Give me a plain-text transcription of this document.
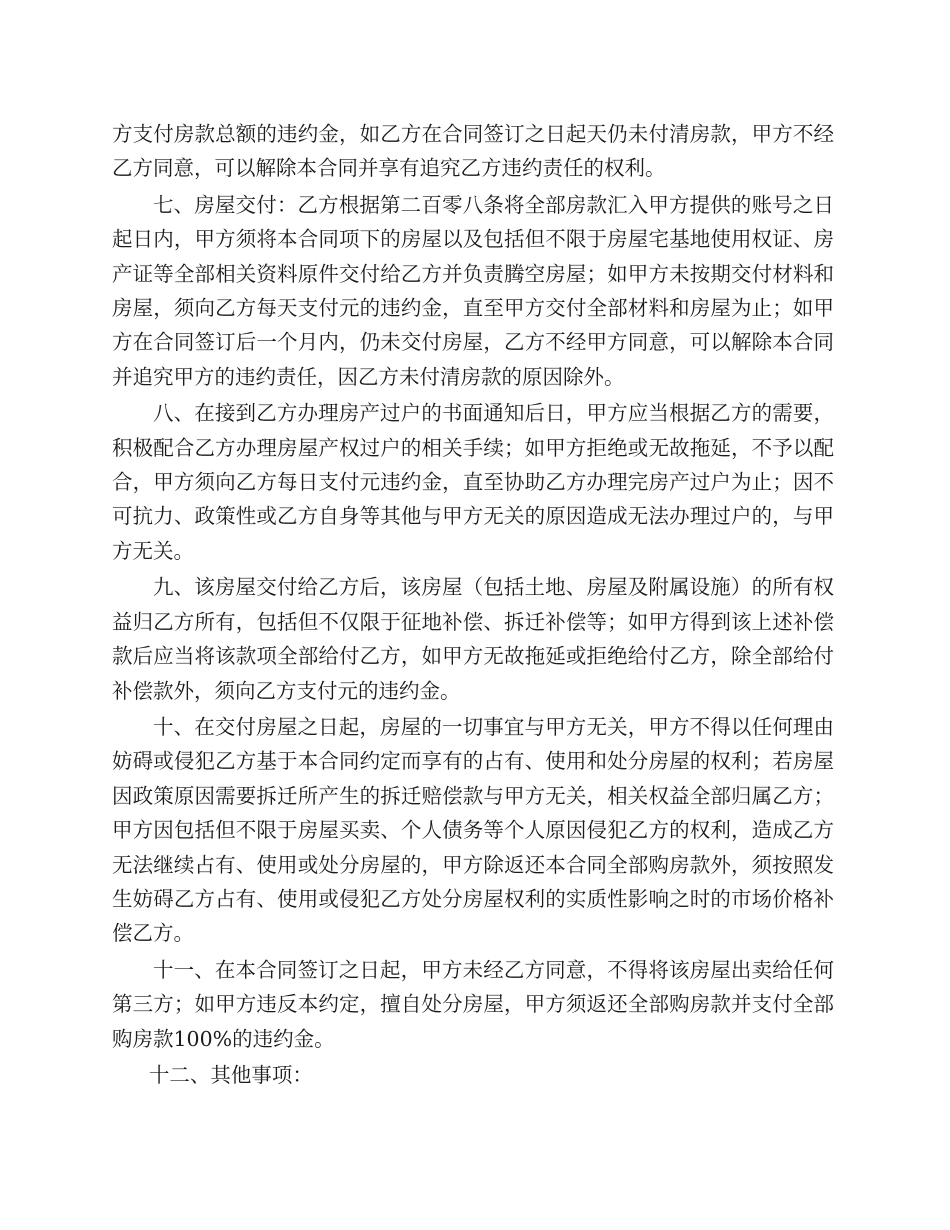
方支付房款总额的违约金，如乙方在合同签订之日起天仍未付清房款，甲方不经乙方同意，可以解除本合同并享有追究乙方违约责任的权利。

七、房屋交付：乙方根据第二百零八条将全部房款汇入甲方提供的账号之日起日内，甲方须将本合同项下的房屋以及包括但不限于房屋宅基地使用权证、房产证等全部相关资料原件交付给乙方并负责腾空房屋；如甲方未按期交付材料和房屋，须向乙方每天支付元的违约金，直至甲方交付全部材料和房屋为止；如甲方在合同签订后一个月内，仍未交付房屋，乙方不经甲方同意，可以解除本合同并追究甲方的违约责任，因乙方未付清房款的原因除外。

八、在接到乙方办理房产过户的书面通知后日，甲方应当根据乙方的需要，积极配合乙方办理房屋产权过户的相关手续；如甲方拒绝或无故拖延，不予以配合，甲方须向乙方每日支付元违约金，直至协助乙方办理完房产过户为止；因不可抗力、政策性或乙方自身等其他与甲方无关的原因造成无法办理过户的，与甲方无关。

九、该房屋交付给乙方后，该房屋（包括土地、房屋及附属设施）的所有权益归乙方所有，包括但不仅限于征地补偿、拆迁补偿等；如甲方得到该上述补偿款后应当将该款项全部给付乙方，如甲方无故拖延或拒绝给付乙方，除全部给付补偿款外，须向乙方支付元的违约金。

十、在交付房屋之日起，房屋的一切事宜与甲方无关，甲方不得以任何理由妨碍或侵犯乙方基于本合同约定而享有的占有、使用和处分房屋的权利；若房屋因政策原因需要拆迁所产生的拆迁赔偿款与甲方无关，相关权益全部归属乙方；甲方因包括但不限于房屋买卖、个人债务等个人原因侵犯乙方的权利，造成乙方无法继续占有、使用或处分房屋的，甲方除返还本合同全部购房款外，须按照发生妨碍乙方占有、使用或侵犯乙方处分房屋权利的实质性影响之时的市场价格补偿乙方。

十一、在本合同签订之日起，甲方未经乙方同意，不得将该房屋出卖给任何第三方；如甲方违反本约定，擅自处分房屋，甲方须返还全部购房款并支付全部购房款100%的违约金。

十二、其他事项：
